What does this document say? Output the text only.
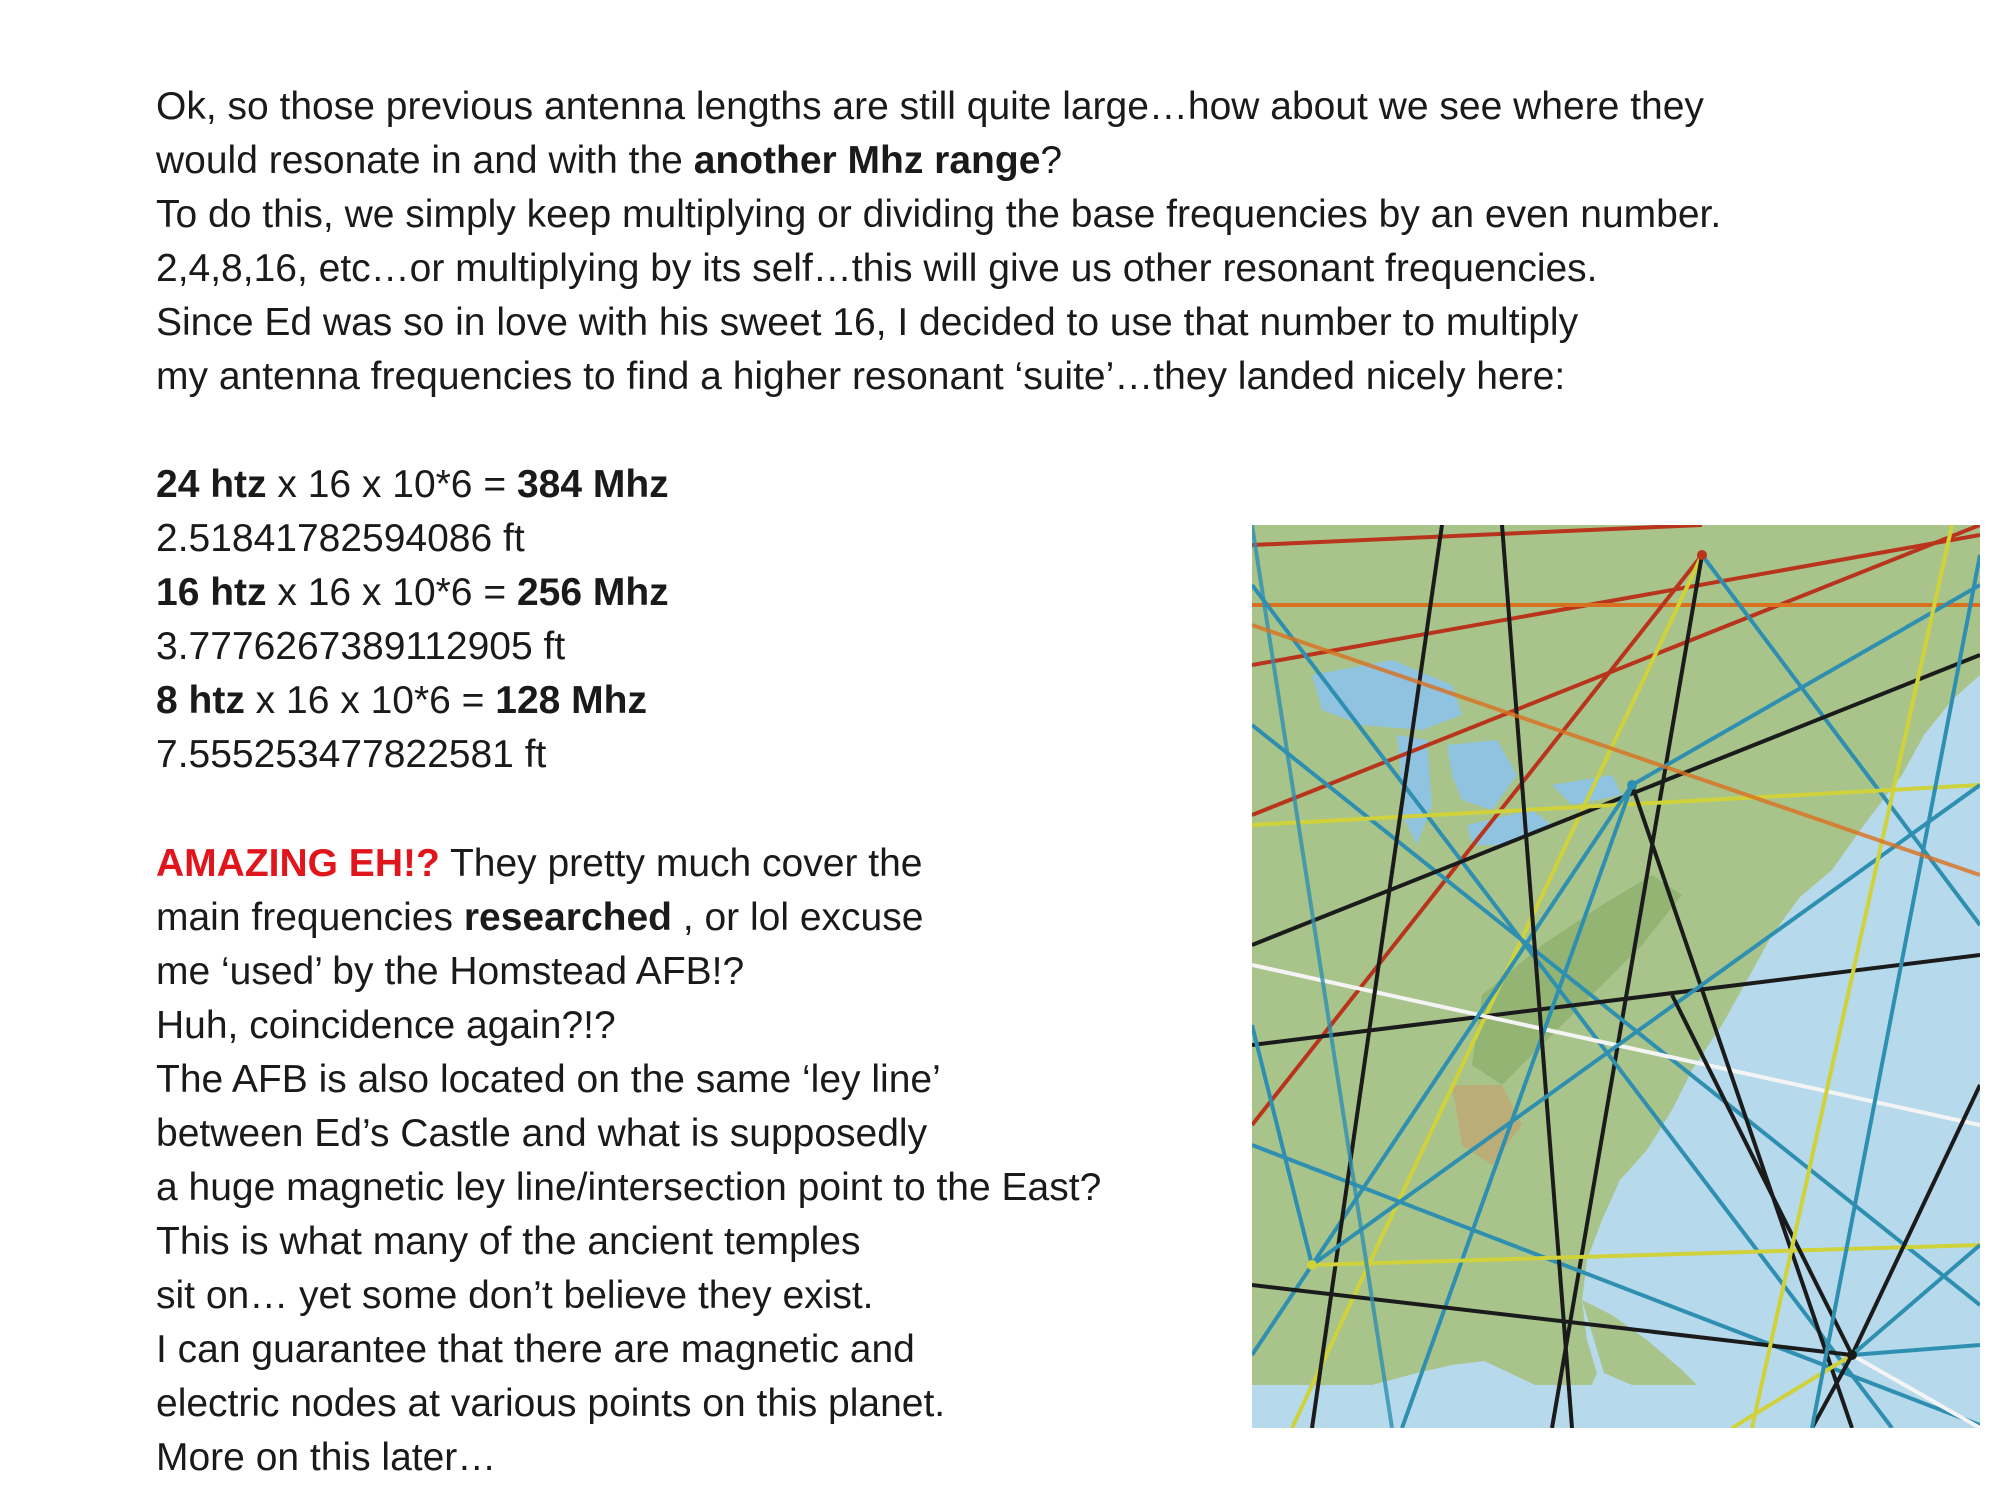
Ok, so those previous antenna lengths are still quite large…how about we see where they
would resonate in and with the another Mhz range?
To do this, we simply keep multiplying or dividing the base frequencies by an even number.
2,4,8,16, etc…or multiplying by its self…this will give us other resonant frequencies.
Since Ed was so in love with his sweet 16, I decided to use that number to multiply
my antenna frequencies to find a higher resonant ‘suite’…they landed nicely here:
24 htz x 16 x 10*6 = 384 Mhz
2.51841782594086 ft
16 htz x 16 x 10*6 = 256 Mhz
3.7776267389112905 ft
8 htz x 16 x 10*6 = 128 Mhz
7.555253477822581 ft
AMAZING EH!? They pretty much cover the
main frequencies researched , or lol excuse
me ‘used’ by the Homstead AFB!?
Huh, coincidence again?!?
The AFB is also located on the same ‘ley line’
between Ed’s Castle and what is supposedly
a huge magnetic ley line/intersection point to the East?
This is what many of the ancient temples
sit on… yet some don’t believe they exist.
I can guarantee that there are magnetic and
electric nodes at various points on this planet.
More on this later…
